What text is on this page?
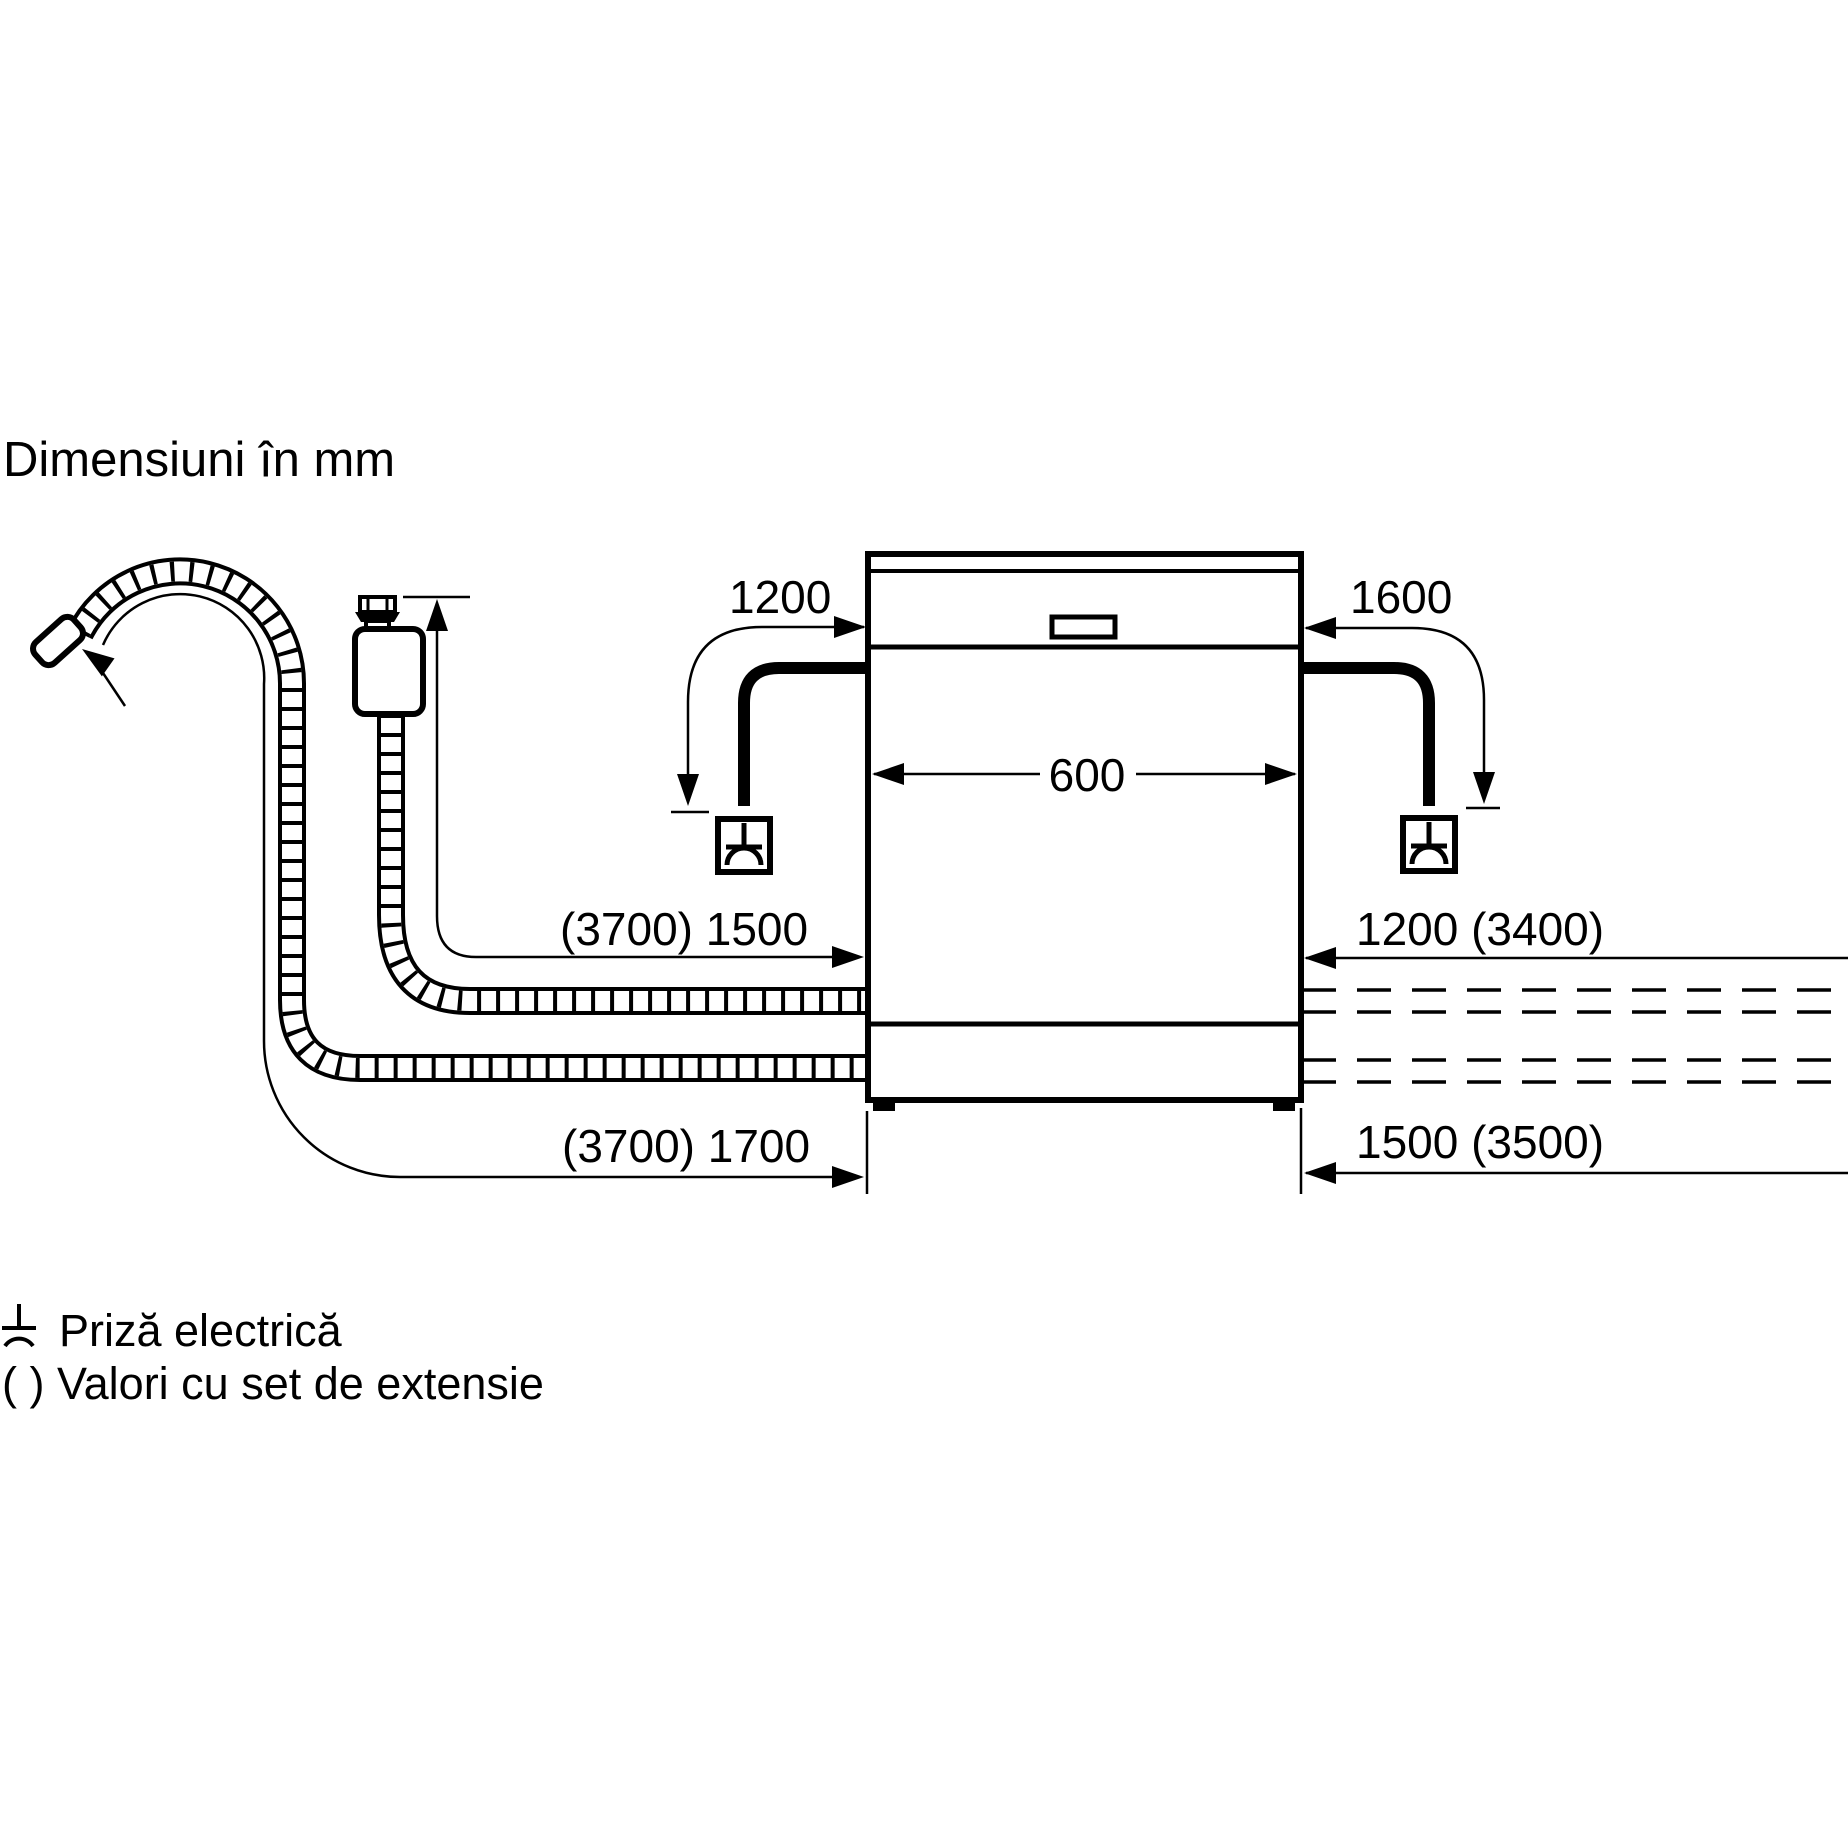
Dimensiuni în mm
1200	1600
600
(3700) 1500
(3700) 1700
1200 (3400)
1500 (3500)
Priză electrică
( ) Valori cu set de extensie
